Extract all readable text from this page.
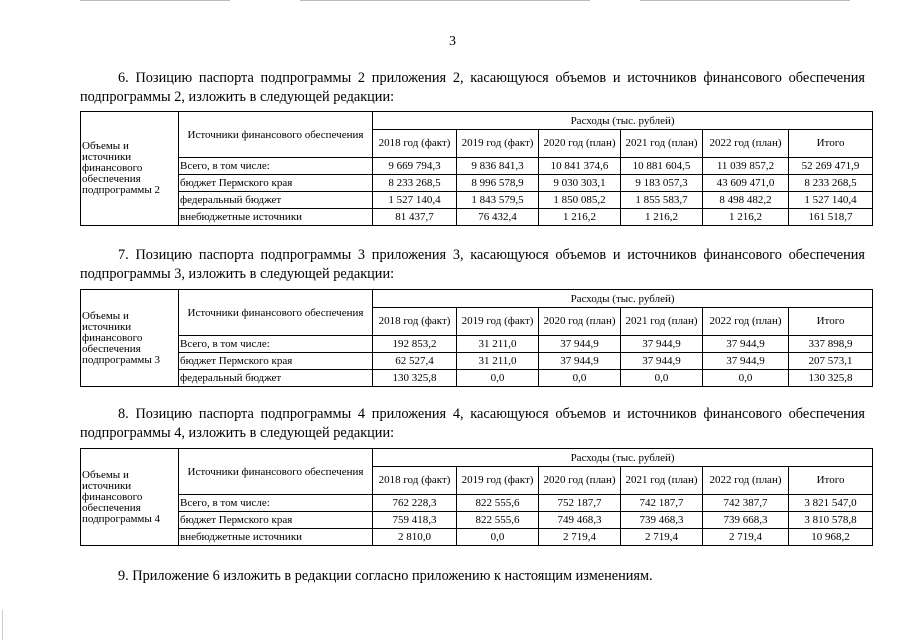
3
6. Позицию паспорта подпрограммы 2 приложения 2, касающуюся объемов и источников финансового обеспечения подпрограммы 2, изложить в следующей редакции:
Объемы и источники финансового обеспечения подпрограммы 2	Источники финансового обеспечения	Расходы (тыс. рублей)					
		2018 год (факт)	2019 год (факт)	2020 год (план)	2021 год (план)	2022 год (план)	Итого
	Всего, в том числе:	9 669 794,3	9 836 841,3	10 841 374,6	10 881 604,5	11 039 857,2	52 269 471,9
	бюджет Пермского края	8 233 268,5	8 996 578,9	9 030 303,1	9 183 057,3	43 609 471,0	8 233 268,5
	федеральный бюджет	1 527 140,4	1 843 579,5	1 850 085,2	1 855 583,7	8 498 482,2	1 527 140,4
	внебюджетные источники	81 437,7	76 432,4	1 216,2	1 216,2	1 216,2	161 518,7
7. Позицию паспорта подпрограммы 3 приложения 3, касающуюся объемов и источников финансового обеспечения подпрограммы 3, изложить в следующей редакции:
Объемы и источники финансового обеспечения подпрограммы 3	Источники финансового обеспечения	Расходы (тыс. рублей)					
		2018 год (факт)	2019 год (факт)	2020 год (план)	2021 год (план)	2022 год (план)	Итого
	Всего, в том числе:	192 853,2	31 211,0	37 944,9	37 944,9	37 944,9	337 898,9
	бюджет Пермского края	62 527,4	31 211,0	37 944,9	37 944,9	37 944,9	207 573,1
	федеральный бюджет	130 325,8	0,0	0,0	0,0	0,0	130 325,8
8. Позицию паспорта подпрограммы 4 приложения 4, касающуюся объемов и источников финансового обеспечения подпрограммы 4, изложить в следующей редакции:
Объемы и источники финансового обеспечения подпрограммы 4	Источники финансового обеспечения	Расходы (тыс. рублей)					
		2018 год (факт)	2019 год (факт)	2020 год (план)	2021 год (план)	2022 год (план)	Итого
	Всего, в том числе:	762 228,3	822 555,6	752 187,7	742 187,7	742 387,7	3 821 547,0
	бюджет Пермского края	759 418,3	822 555,6	749 468,3	739 468,3	739 668,3	3 810 578,8
	внебюджетные источники	2 810,0	0,0	2 719,4	2 719,4	2 719,4	10 968,2
9. Приложение 6 изложить в редакции согласно приложению к настоящим изменениям.
